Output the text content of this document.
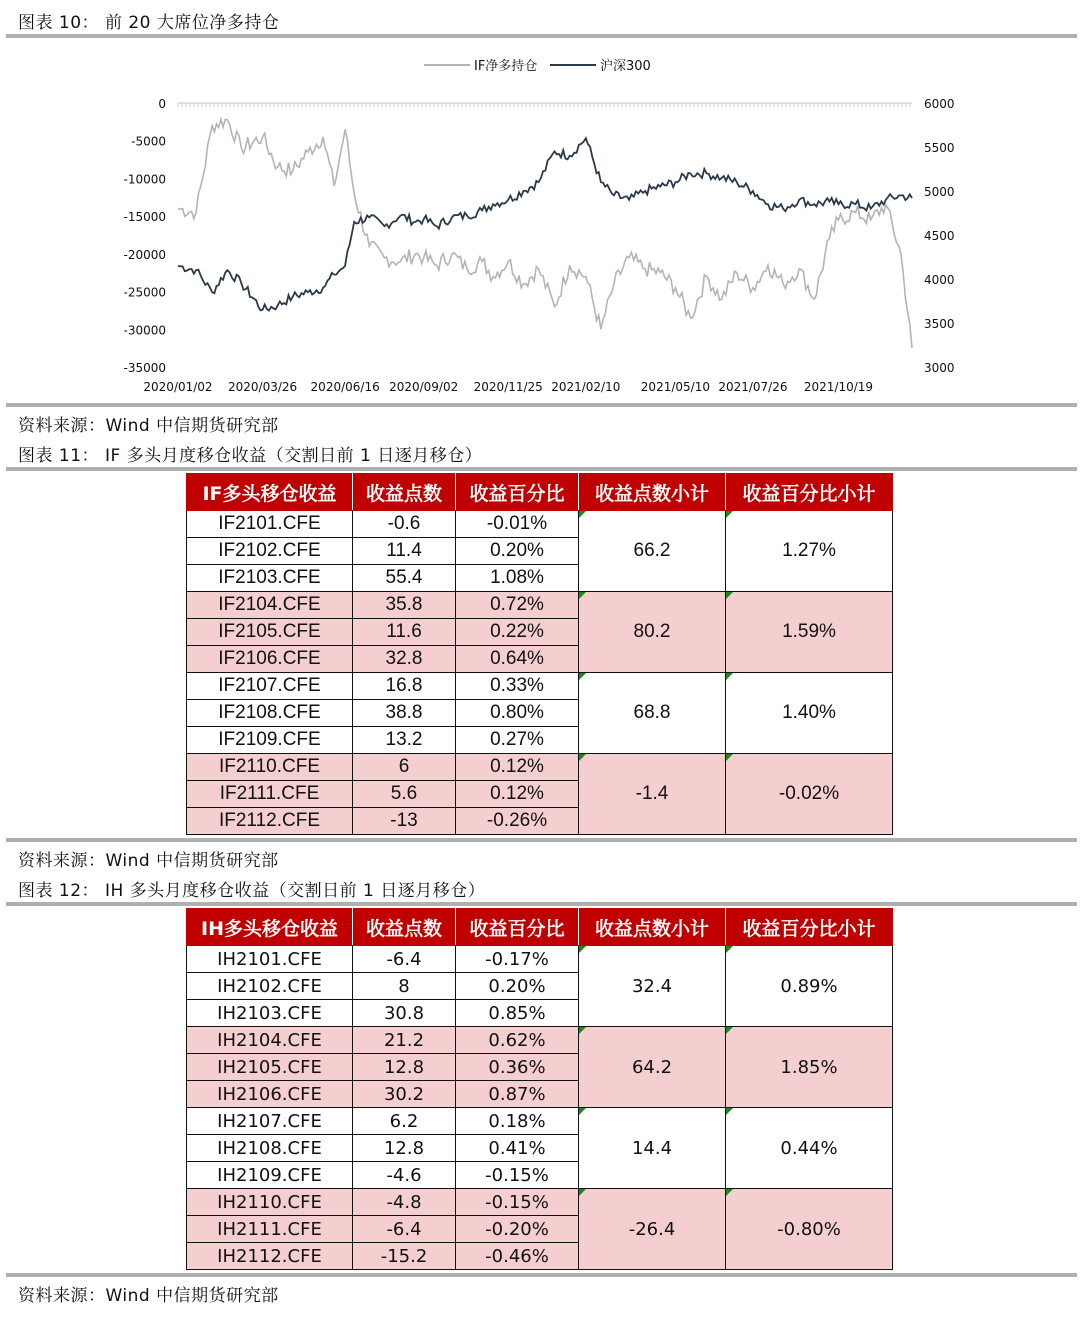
图表 10： 前 20 大席位净多持仓
IF净多持仓	沪深300
0
-5000
-10000
-15000
-20000
-25000
-30000
-35000
6000
5500
5000
4500
4000
3500
3000
2020/01/02 2020/03/26 2020/06/16 2020/09/02 2020/11/25 2021/02/10 2021/05/10 2021/07/26 2021/10/19
资料来源：Wind 中信期货研究部
图表 11： IF 多头月度移仓收益（交割日前 1 日逐月移仓）
IF多头移仓收益	收益点数	收益百分比	收益点数小计	收益百分比小计
IF2101.CFE	-0.6	-0.01%	66.2	1.27%
IF2102.CFE	11.4	0.20%		
IF2103.CFE	55.4	1.08%		
IF2104.CFE	35.8	0.72%	80.2	1.59%
IF2105.CFE	11.6	0.22%		
IF2106.CFE	32.8	0.64%		
IF2107.CFE	16.8	0.33%	68.8	1.40%
IF2108.CFE	38.8	0.80%		
IF2109.CFE	13.2	0.27%		
IF2110.CFE	6	0.12%	-1.4	-0.02%
IF2111.CFE	5.6	0.12%		
IF2112.CFE	-13	-0.26%		
资料来源：Wind 中信期货研究部
图表 12： IH 多头月度移仓收益（交割日前 1 日逐月移仓）
IH多头移仓收益	收益点数	收益百分比	收益点数小计	收益百分比小计
IH2101.CFE	-6.4	-0.17%	32.4	0.89%
IH2102.CFE	8	0.20%		
IH2103.CFE	30.8	0.85%		
IH2104.CFE	21.2	0.62%	64.2	1.85%
IH2105.CFE	12.8	0.36%		
IH2106.CFE	30.2	0.87%		
IH2107.CFE	6.2	0.18%	14.4	0.44%
IH2108.CFE	12.8	0.41%		
IH2109.CFE	-4.6	-0.15%		
IH2110.CFE	-4.8	-0.15%	-26.4	-0.80%
IH2111.CFE	-6.4	-0.20%		
IH2112.CFE	-15.2	-0.46%		
资料来源：Wind 中信期货研究部
